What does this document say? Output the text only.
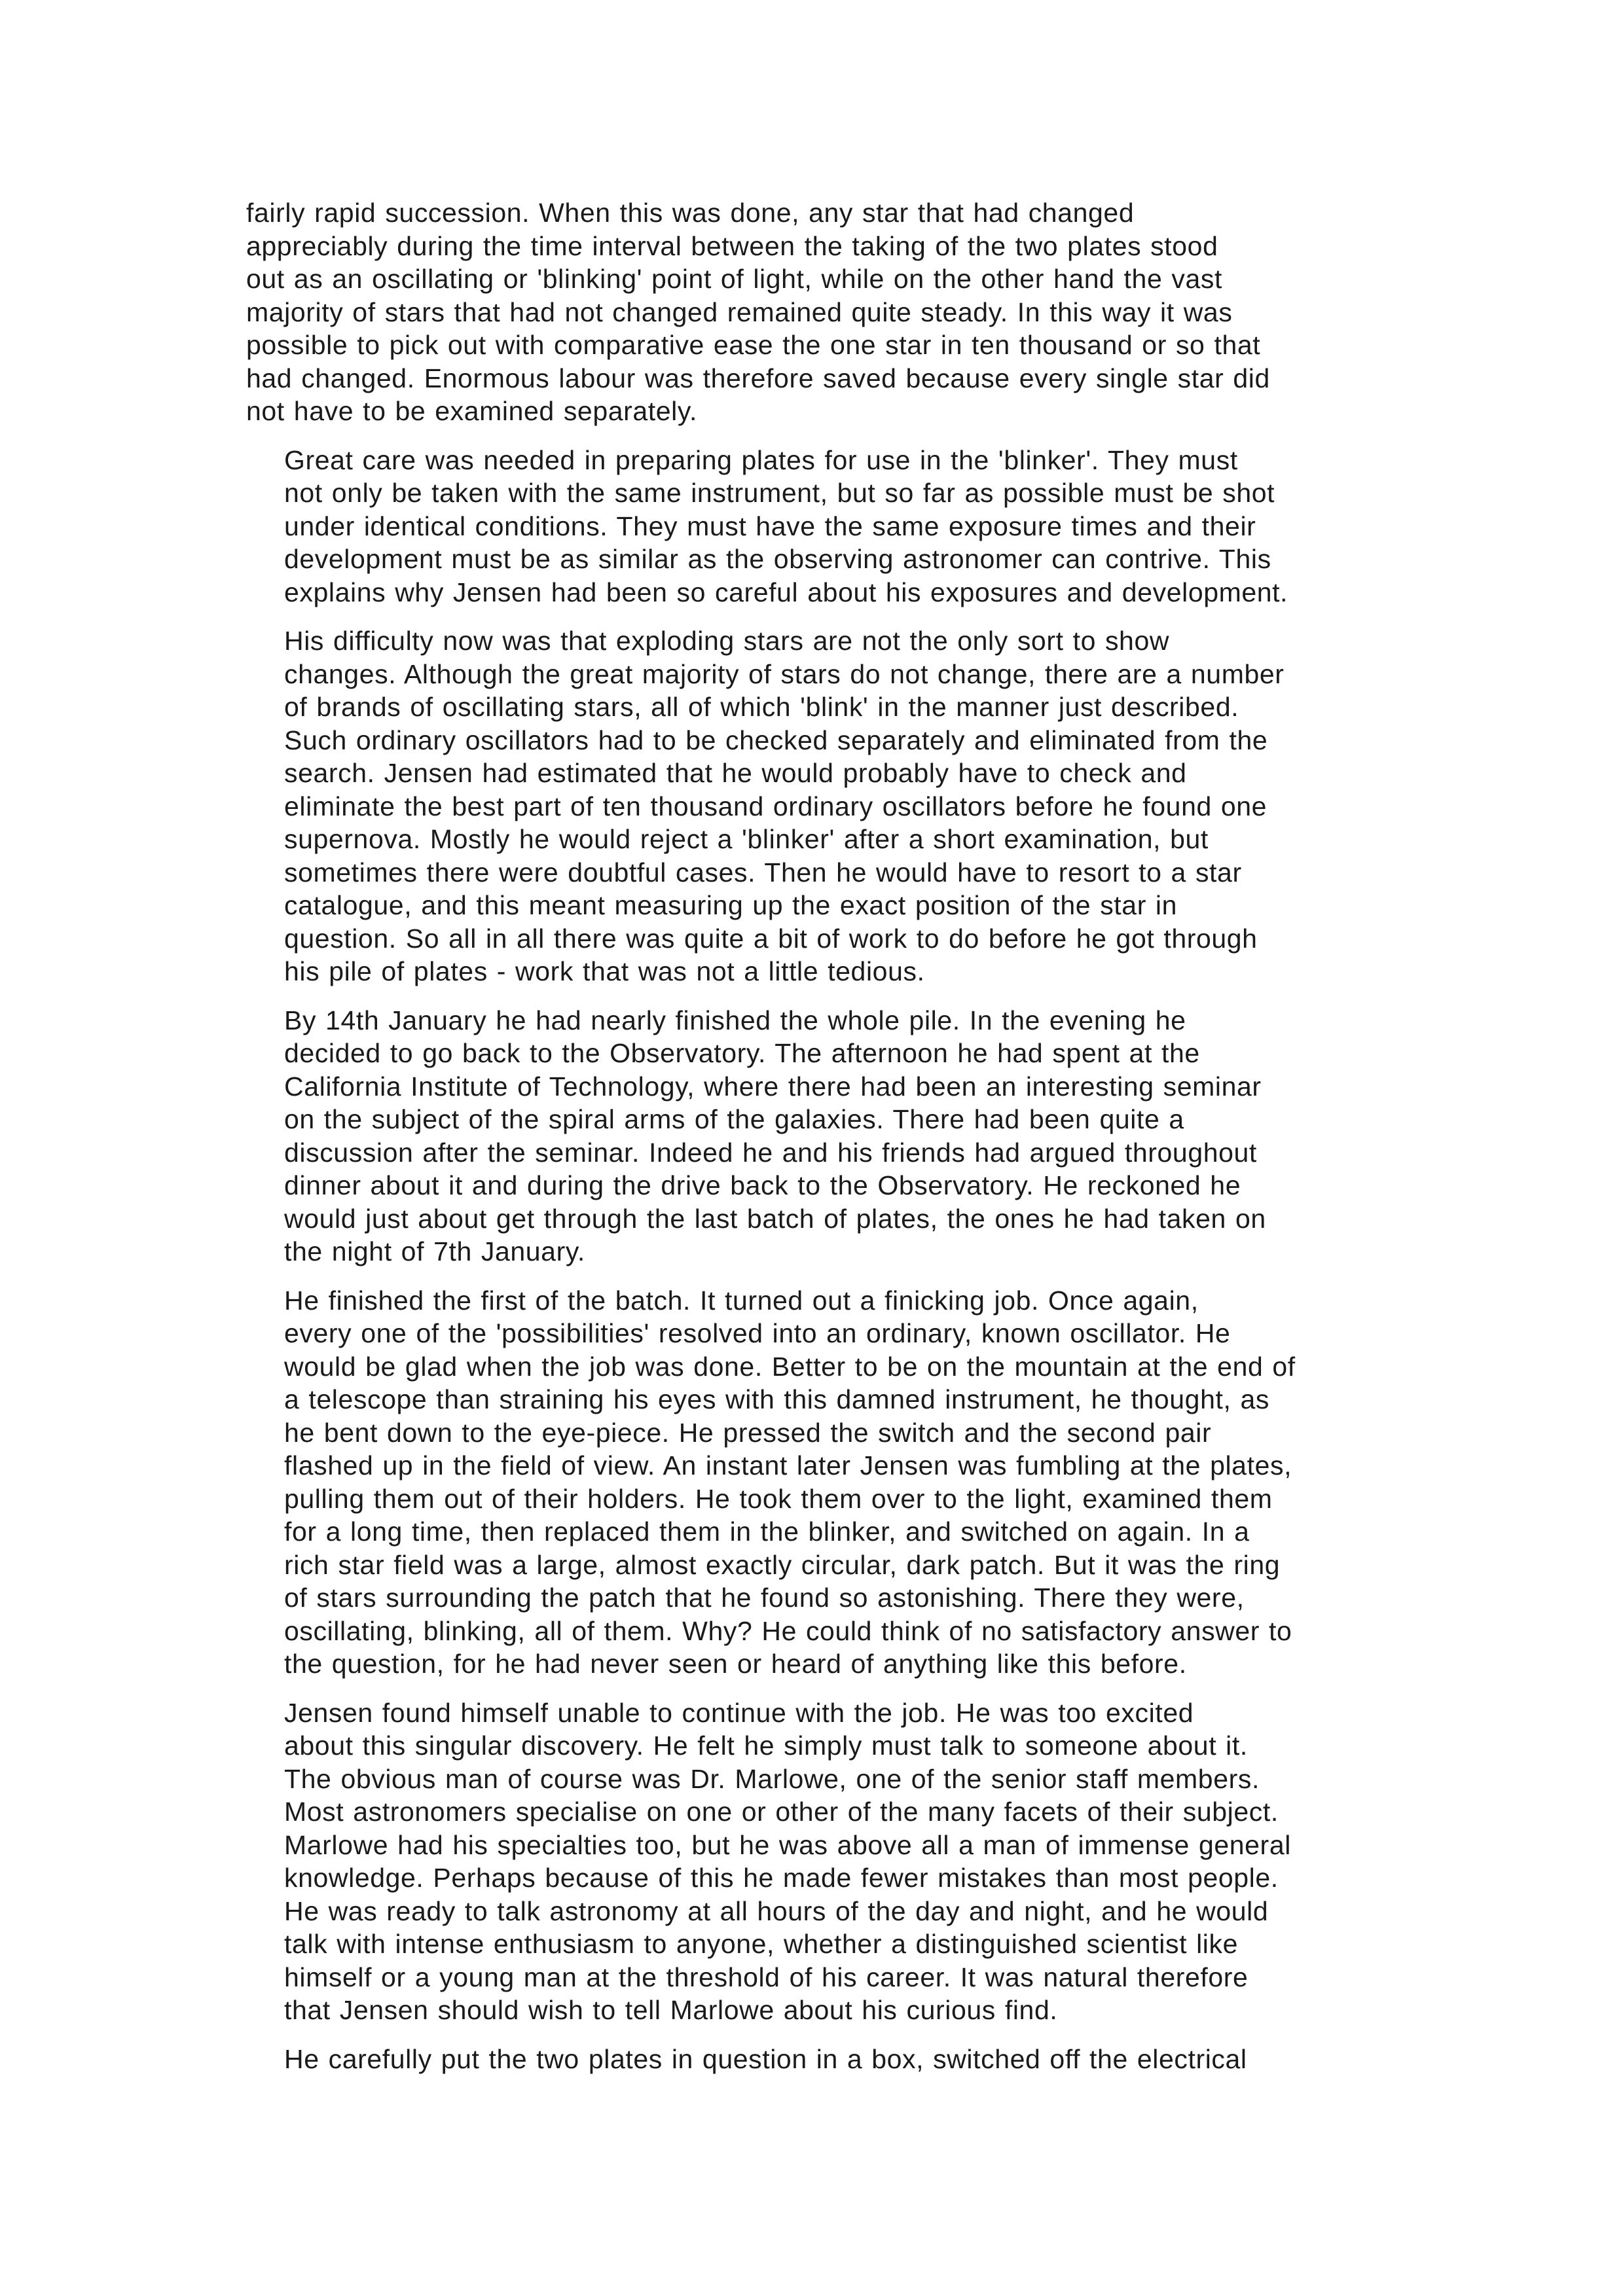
fairly rapid succession. When this was done, any star that had changed
appreciably during the time interval between the taking of the two plates stood
out as an oscillating or 'blinking' point of light, while on the other hand the vast
majority of stars that had not changed remained quite steady. In this way it was
possible to pick out with comparative ease the one star in ten thousand or so that
had changed. Enormous labour was therefore saved because every single star did
not have to be examined separately.
Great care was needed in preparing plates for use in the 'blinker'. They must
not only be taken with the same instrument, but so far as possible must be shot
under identical conditions. They must have the same exposure times and their
development must be as similar as the observing astronomer can contrive. This
explains why Jensen had been so careful about his exposures and development.
His difficulty now was that exploding stars are not the only sort to show
changes. Although the great majority of stars do not change, there are a number
of brands of oscillating stars, all of which 'blink' in the manner just described.
Such ordinary oscillators had to be checked separately and eliminated from the
search. Jensen had estimated that he would probably have to check and
eliminate the best part of ten thousand ordinary oscillators before he found one
supernova. Mostly he would reject a 'blinker' after a short examination, but
sometimes there were doubtful cases. Then he would have to resort to a star
catalogue, and this meant measuring up the exact position of the star in
question. So all in all there was quite a bit of work to do before he got through
his pile of plates - work that was not a little tedious.
By 14th January he had nearly finished the whole pile. In the evening he
decided to go back to the Observatory. The afternoon he had spent at the
California Institute of Technology, where there had been an interesting seminar
on the subject of the spiral arms of the galaxies. There had been quite a
discussion after the seminar. Indeed he and his friends had argued throughout
dinner about it and during the drive back to the Observatory. He reckoned he
would just about get through the last batch of plates, the ones he had taken on
the night of 7th January.
He finished the first of the batch. It turned out a finicking job. Once again,
every one of the 'possibilities' resolved into an ordinary, known oscillator. He
would be glad when the job was done. Better to be on the mountain at the end of
a telescope than straining his eyes with this damned instrument, he thought, as
he bent down to the eye-piece. He pressed the switch and the second pair
flashed up in the field of view. An instant later Jensen was fumbling at the plates,
pulling them out of their holders. He took them over to the light, examined them
for a long time, then replaced them in the blinker, and switched on again. In a
rich star field was a large, almost exactly circular, dark patch. But it was the ring
of stars surrounding the patch that he found so astonishing. There they were,
oscillating, blinking, all of them. Why? He could think of no satisfactory answer to
the question, for he had never seen or heard of anything like this before.
Jensen found himself unable to continue with the job. He was too excited
about this singular discovery. He felt he simply must talk to someone about it.
The obvious man of course was Dr. Marlowe, one of the senior staff members.
Most astronomers specialise on one or other of the many facets of their subject.
Marlowe had his specialties too, but he was above all a man of immense general
knowledge. Perhaps because of this he made fewer mistakes than most people.
He was ready to talk astronomy at all hours of the day and night, and he would
talk with intense enthusiasm to anyone, whether a distinguished scientist like
himself or a young man at the threshold of his career. It was natural therefore
that Jensen should wish to tell Marlowe about his curious find.
He carefully put the two plates in question in a box, switched off the electrical
